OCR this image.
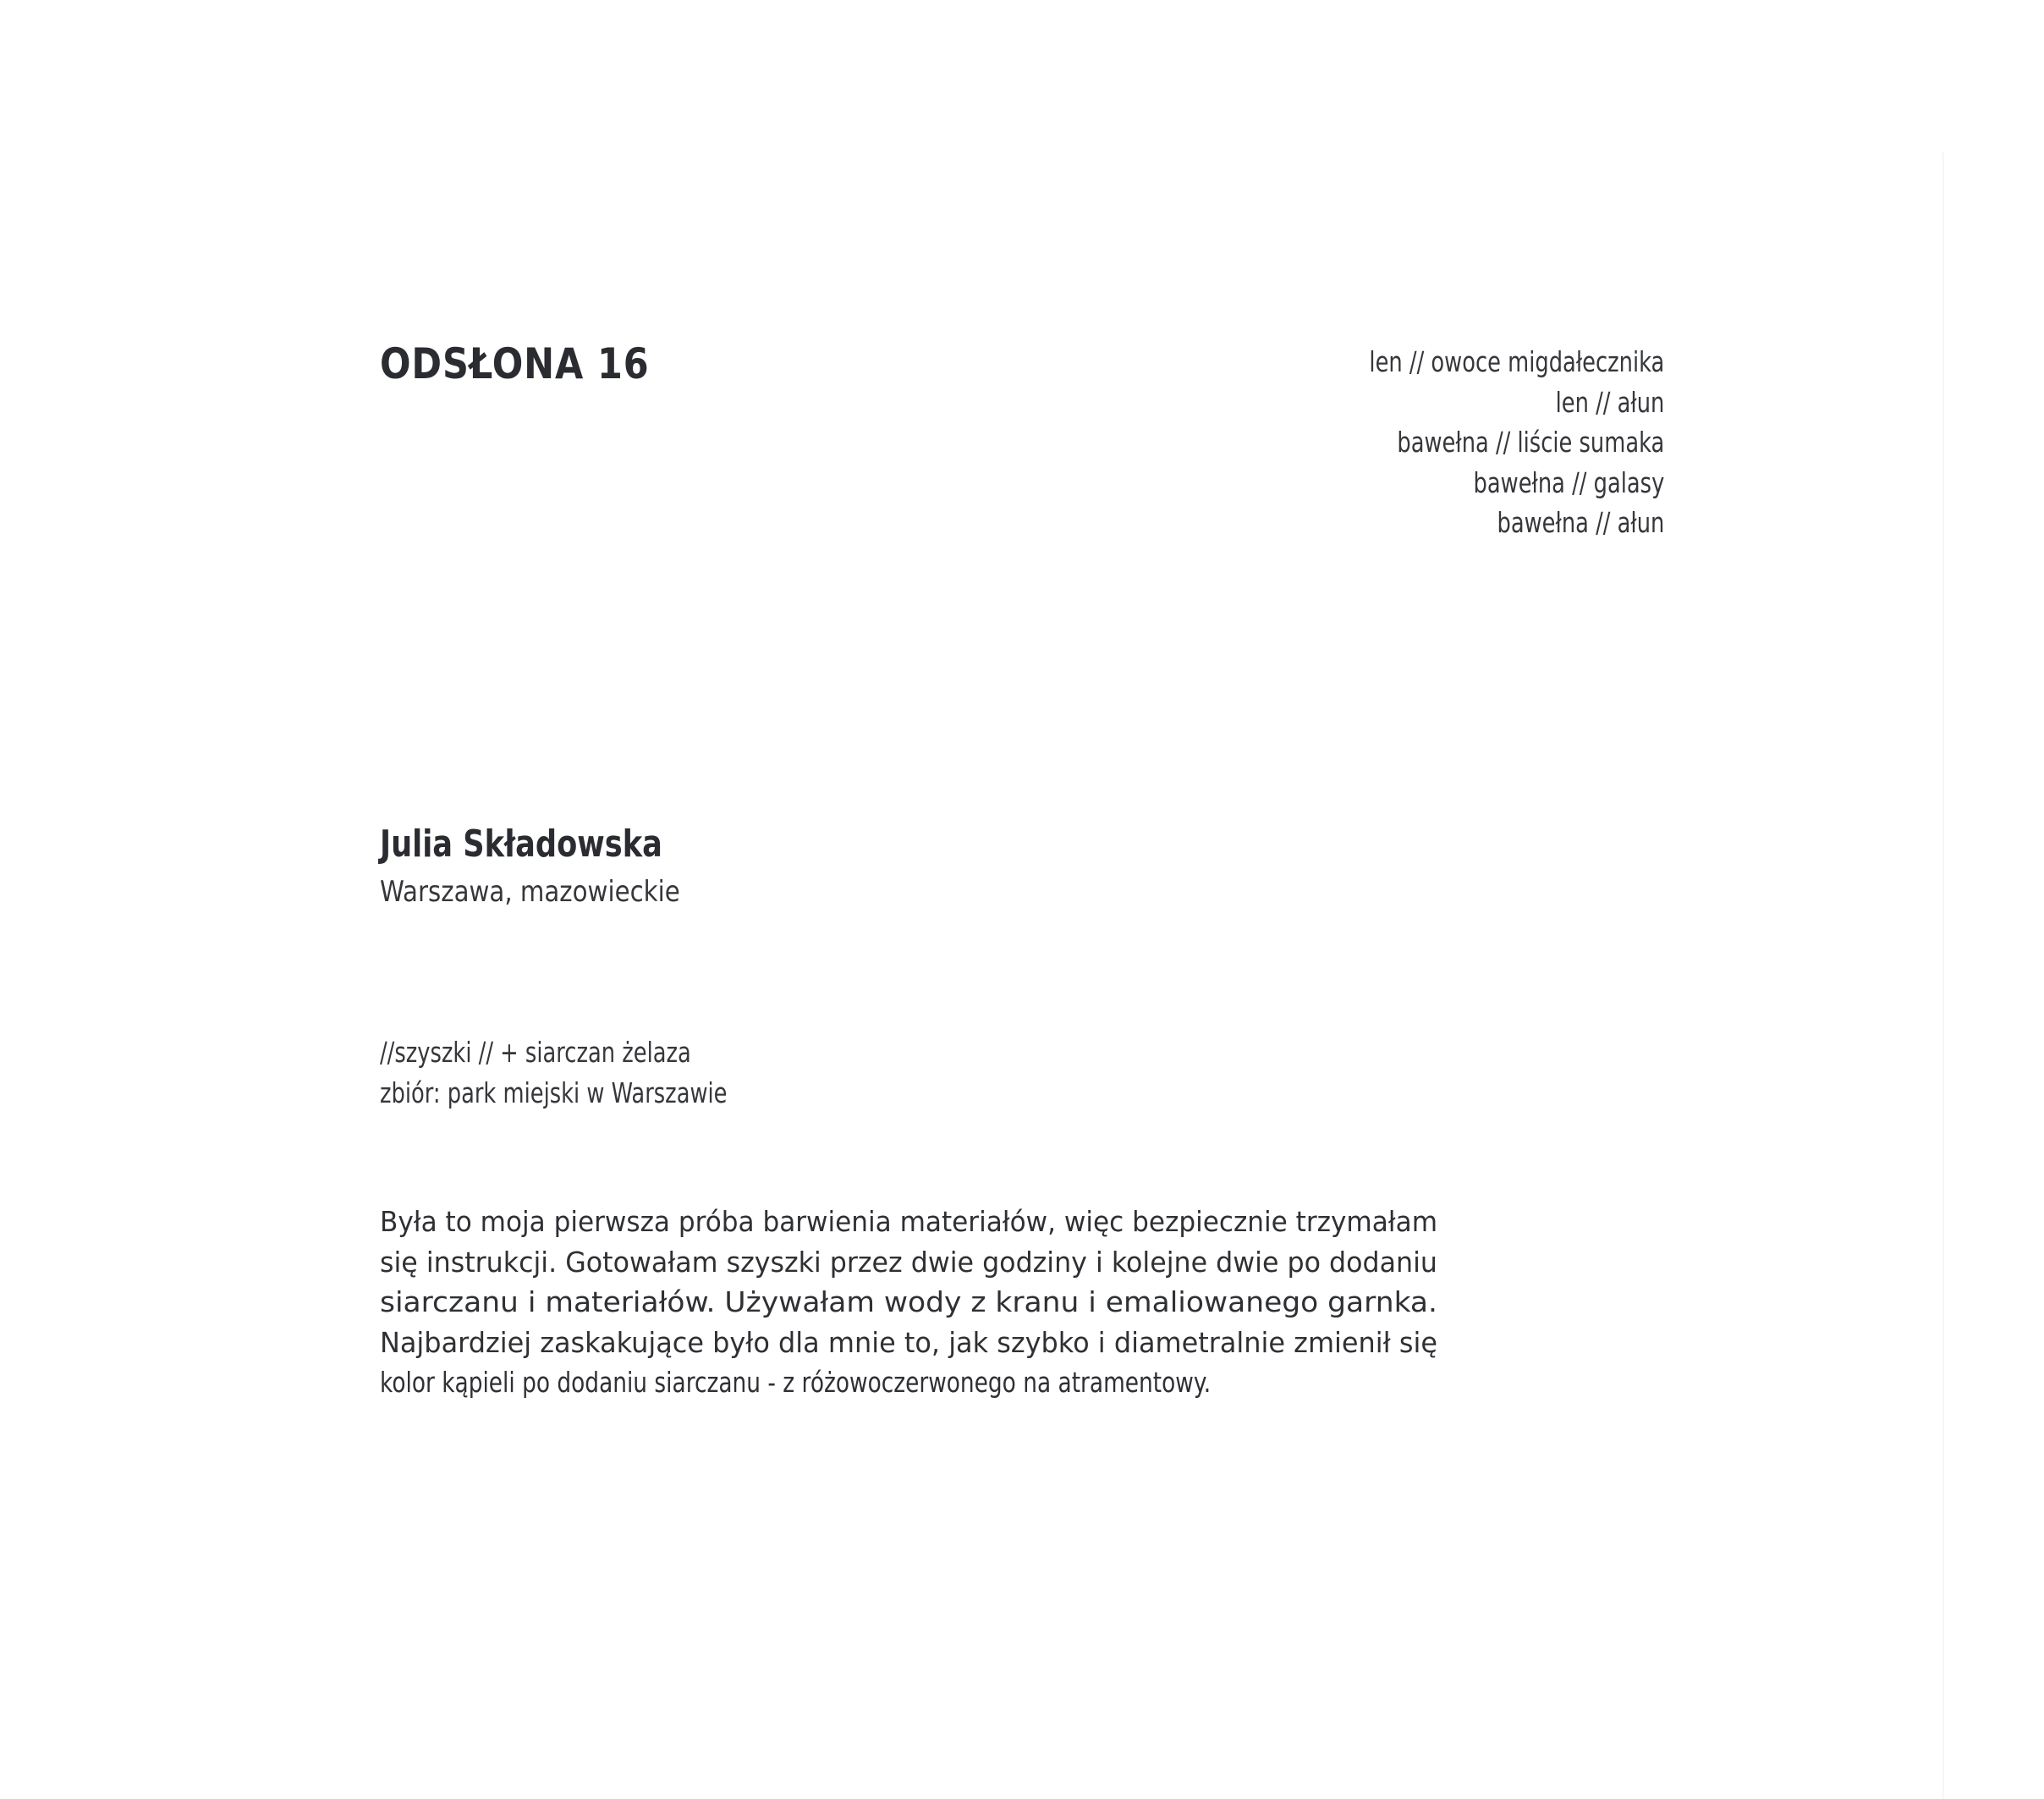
ODSŁONA 16	len // owoce migdałecznika
len // ałun
bawełna // liście sumaka
bawełna // galasy
bawełna // ałun
Julia Składowska
Warszawa, mazowieckie
//szyszki // + siarczan żelaza
zbiór: park miejski w Warszawie
Była to moja pierwsza próba barwienia materiałów, więc bezpiecznie trzymałam
się instrukcji. Gotowałam szyszki przez dwie godziny i kolejne dwie po dodaniu
siarczanu i materiałów. Używałam wody z kranu i emaliowanego garnka.
Najbardziej zaskakujące było dla mnie to, jak szybko i diametralnie zmienił się
kolor kąpieli po dodaniu siarczanu - z różowoczerwonego na atramentowy.
